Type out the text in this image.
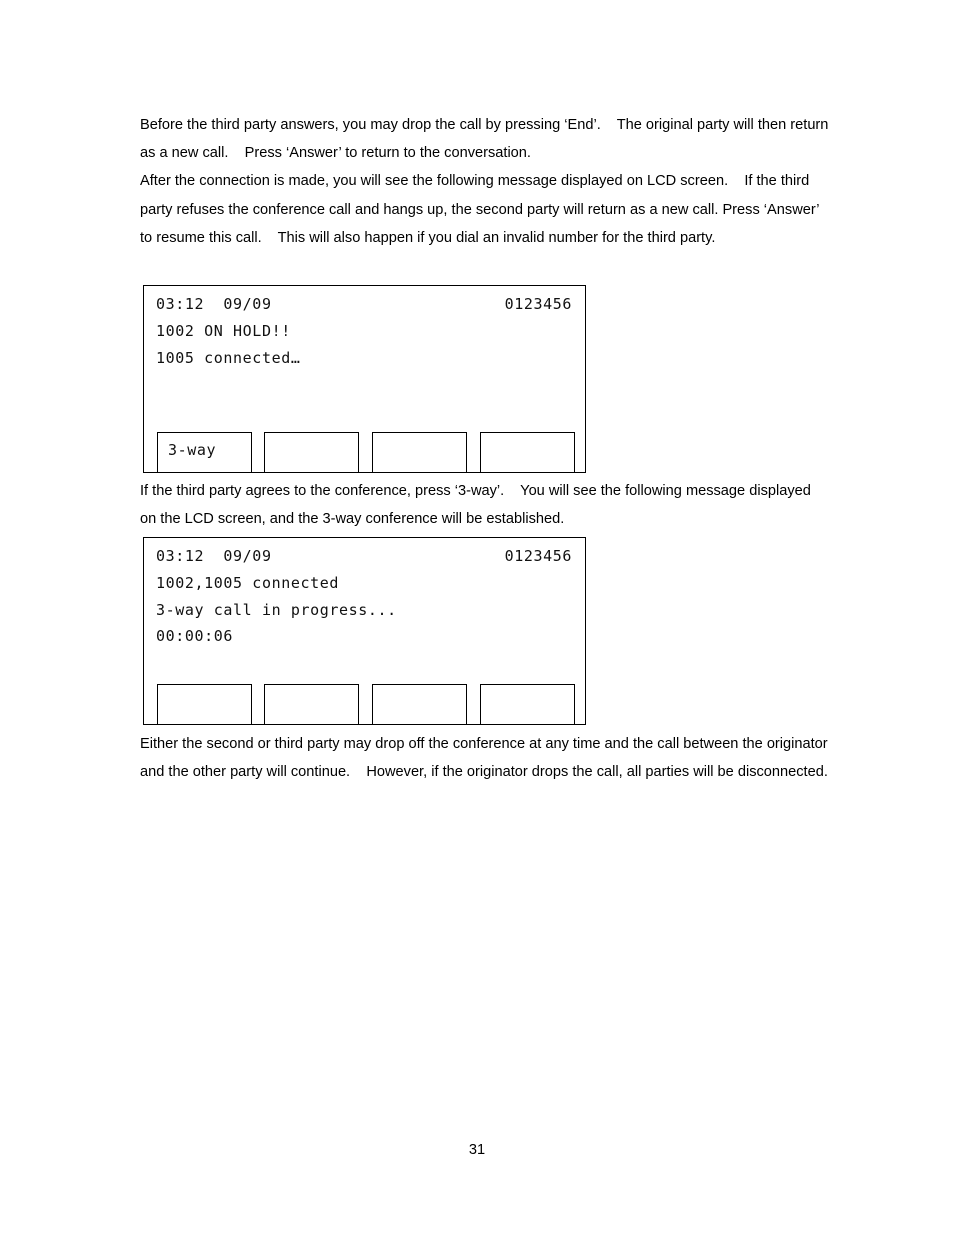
Before the third party answers, you may drop the call by pressing ‘End’.    The original party will then return as a new call.    Press ‘Answer’ to return to the conversation.
After the connection is made, you will see the following message displayed on LCD screen.    If the third party refuses the conference call and hangs up, the second party will return as a new call. Press ‘Answer’ to resume this call.    This will also happen if you dial an invalid number for the third party.

03:12  09/09	0123456
1002 ON HOLD!!
1005 connected…
3-way

If the third party agrees to the conference, press ‘3-way’.    You will see the following message displayed on the LCD screen, and the 3-way conference will be established.

03:12  09/09	0123456
1002,1005 connected
3-way call in progress...
00:00:06

Either the second or third party may drop off the conference at any time and the call between the originator and the other party will continue.    However, if the originator drops the call, all parties will be disconnected.

31
